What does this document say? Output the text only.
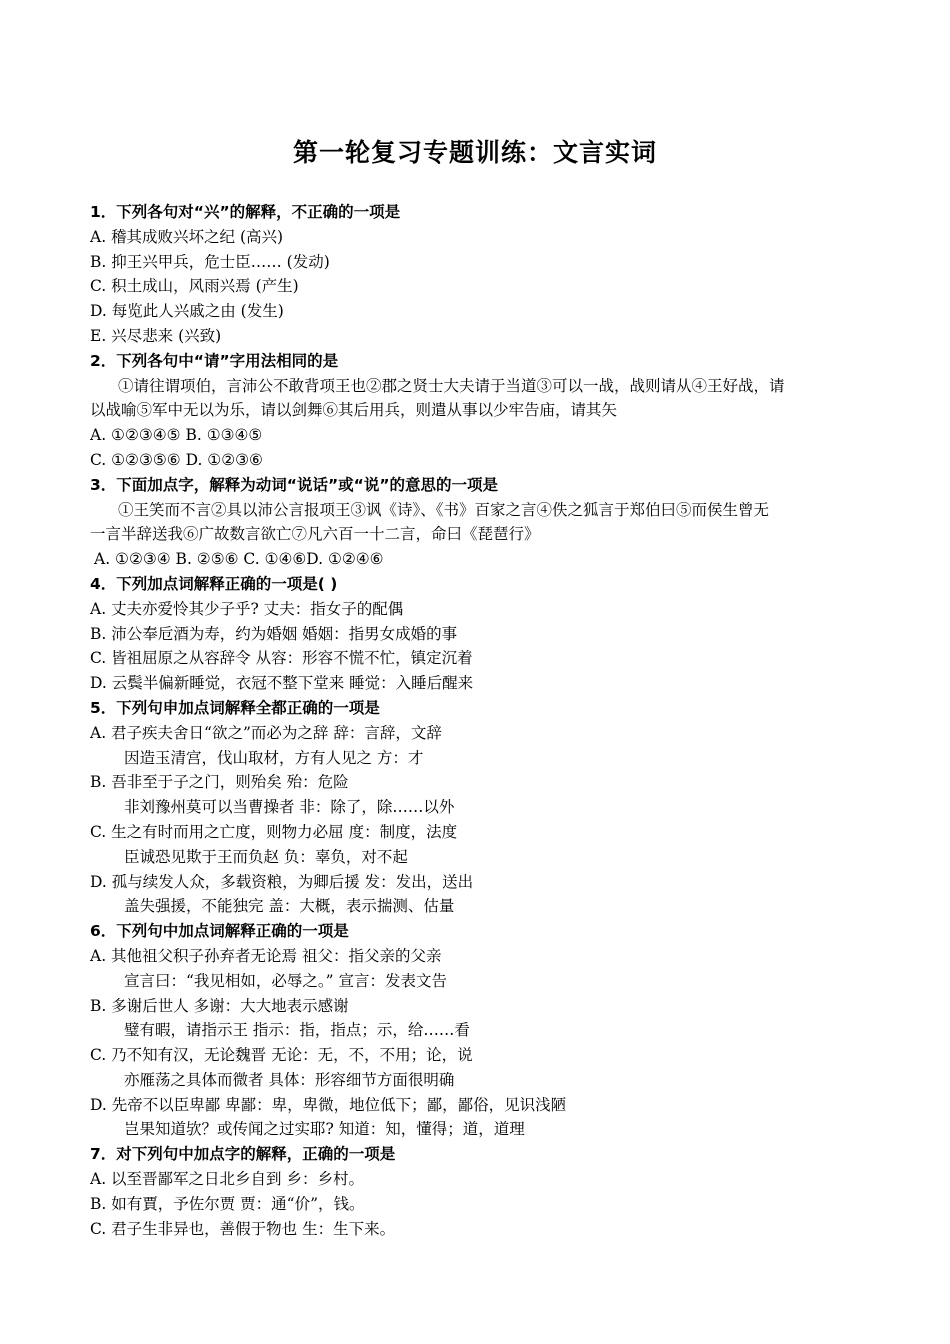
第一轮复习专题训练：文言实词
1．下列各句对“兴”的解释，不正确的一项是
A. 稽其成败兴坏之纪 (高兴)
B. 抑王兴甲兵，危士臣…… (发动)
C. 积土成山，风雨兴焉 (产生)
D. 每览此人兴戚之由 (发生)
E. 兴尽悲来 (兴致)
2．下列各句中“请”字用法相同的是
①请往谓项伯，言沛公不敢背项王也②郡之贤士大夫请于当道③可以一战，战则请从④王好战，请
以战喻⑤军中无以为乐，请以剑舞⑥其后用兵，则遣从事以少牢告庙，请其矢
A. ①②③④⑤ B. ①③④⑤
C. ①②③⑤⑥ D. ①②③⑥
3．下面加点字，解释为动词“说话”或“说”的意思的一项是
①王笑而不言②具以沛公言报项王③讽《诗》、《书》百家之言④佚之狐言于郑伯曰⑤而侯生曾无
一言半辞送我⑥广故数言欲亡⑦凡六百一十二言，命曰《琵琶行》
A. ①②③④ B. ②⑤⑥ C. ①④⑥D. ①②④⑥
4．下列加点词解释正确的一项是( )
A. 丈夫亦爱怜其少子乎? 丈夫：指女子的配偶
B. 沛公奉卮酒为寿，约为婚姻 婚姻：指男女成婚的事
C. 皆祖屈原之从容辞令 从容：形容不慌不忙，镇定沉着
D. 云鬓半偏新睡觉，衣冠不整下堂来 睡觉：入睡后醒来
5．下列句申加点词解释全都正确的一项是
A. 君子疾夫舍日“欲之”而必为之辞 辞：言辞，文辞
因造玉清宫，伐山取材，方有人见之 方：才
B. 吾非至于子之门，则殆矣 殆：危险
非刘豫州莫可以当曹操者 非：除了，除……以外
C. 生之有时而用之亡度，则物力必屈 度：制度，法度
臣诚恐见欺于王而负赵 负：辜负，对不起
D. 孤与续发人众，多载资粮，为卿后援 发：发出，送出
盖失强援，不能独完 盖：大概，表示揣测、估量
6．下列句中加点词解释正确的一项是
A. 其他祖父积子孙弃者无论焉 祖父：指父亲的父亲
宣言曰：“我见相如，必辱之。” 宣言：发表文告
B. 多谢后世人 多谢：大大地表示感谢
璧有暇，请指示王 指示：指，指点；示，给……看
C. 乃不知有汉，无论魏晋 无论：无，不，不用；论，说
亦雁荡之具体而微者 具体：形容细节方面很明确
D. 先帝不以臣卑鄙 卑鄙：卑，卑微，地位低下；鄙，鄙俗，见识浅陋
岂果知道欤？或传闻之过实耶? 知道：知，懂得；道，道理
7．对下列句中加点字的解释，正确的一项是
A. 以至晋鄙军之日北乡自到 乡：乡村。
B. 如有賈，予佐尔贾 贾：通“价”，钱。
C. 君子生非异也，善假于物也 生：生下来。
